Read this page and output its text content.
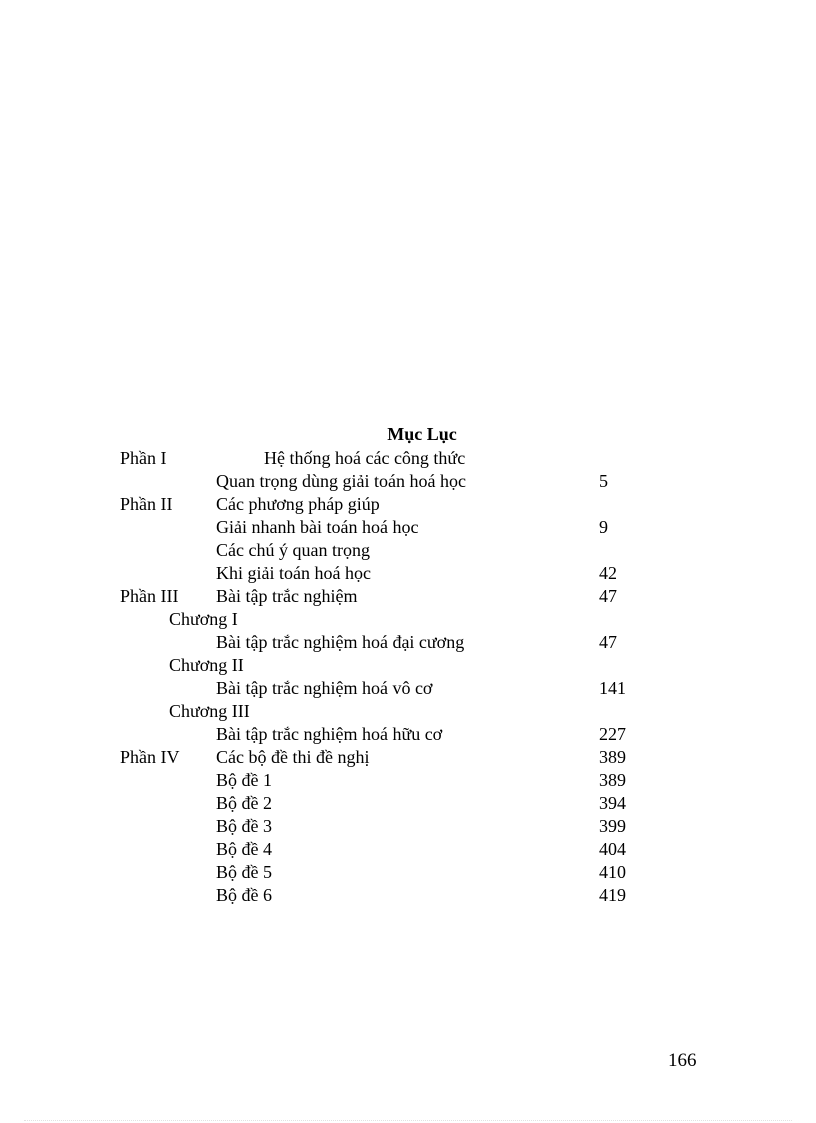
Mục Lục
Phần I	Hệ thống hoá các công thức
Quan trọng dùng giải toán hoá học	5
Phần II Các phương pháp giúp
Giải nhanh bài toán hoá học	9
Các chú ý quan trọng
Khi giải toán hoá học	42
Phần III Bài tập trắc nghiệm	47
Chương I
Bài tập trắc nghiệm hoá đại cương	47
Chương II
Bài tập trắc nghiệm hoá vô cơ	141
Chương III
Bài tập trắc nghiệm hoá hữu cơ	227
Phần IV Các bộ đề thi đề nghị	389
Bộ đề 1	389
Bộ đề 2	394
Bộ đề 3	399
Bộ đề 4	404
Bộ đề 5	410
Bộ đề 6	419
166
